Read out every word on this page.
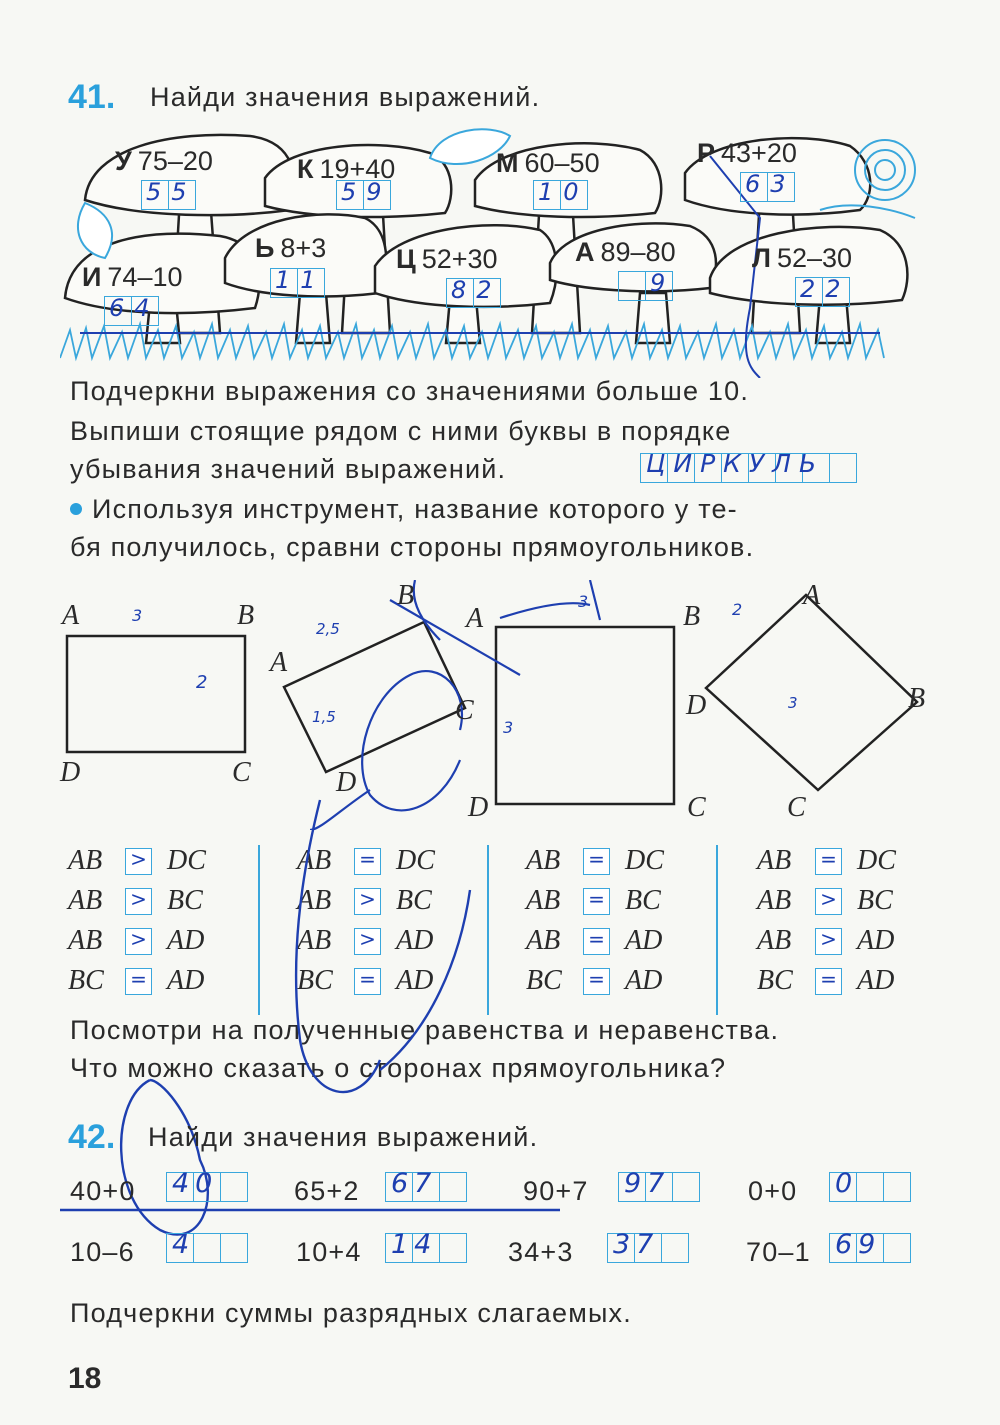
41. Найди значения выражений.
У 75–20
55
К 19+40
59
М 60–50
10
Р 43+20
63
И 74–10
64
Ь 8+3
11
Ц 52+30
82
А 89–80
9
Л 52–30
22
Подчеркни выражения со значениями больше 10.
Выпиши стоящие рядом с ними буквы в порядке
убывания значений выражений.	ЦИРКУЛЬ
Используя инструмент, название которого у те-
бя получилось, сравни стороны прямоугольников.
A	B
C
D
A
B
C
D
A	B
C
D
A
B
C
D
3
2
2,5
1,5
3
3
2
3
AB > DC
AB > BC
AB > AD
BC = AD
AB = DC
AB > BC
AB > AD
BC = AD
AB = DC
AB = BC
AB = AD
BC = AD
AB = DC
AB > BC
AB > AD
BC = AD
Посмотри на полученные равенства и неравенства.
Что можно сказать о сторонах прямоугольника?
42. Найди значения выражений.
40+0 40	65+2 67	90+7 97	0+0 0
10–6 4	10+4 14	34+3 37	70–1 69
Подчеркни суммы разрядных слагаемых.
18
